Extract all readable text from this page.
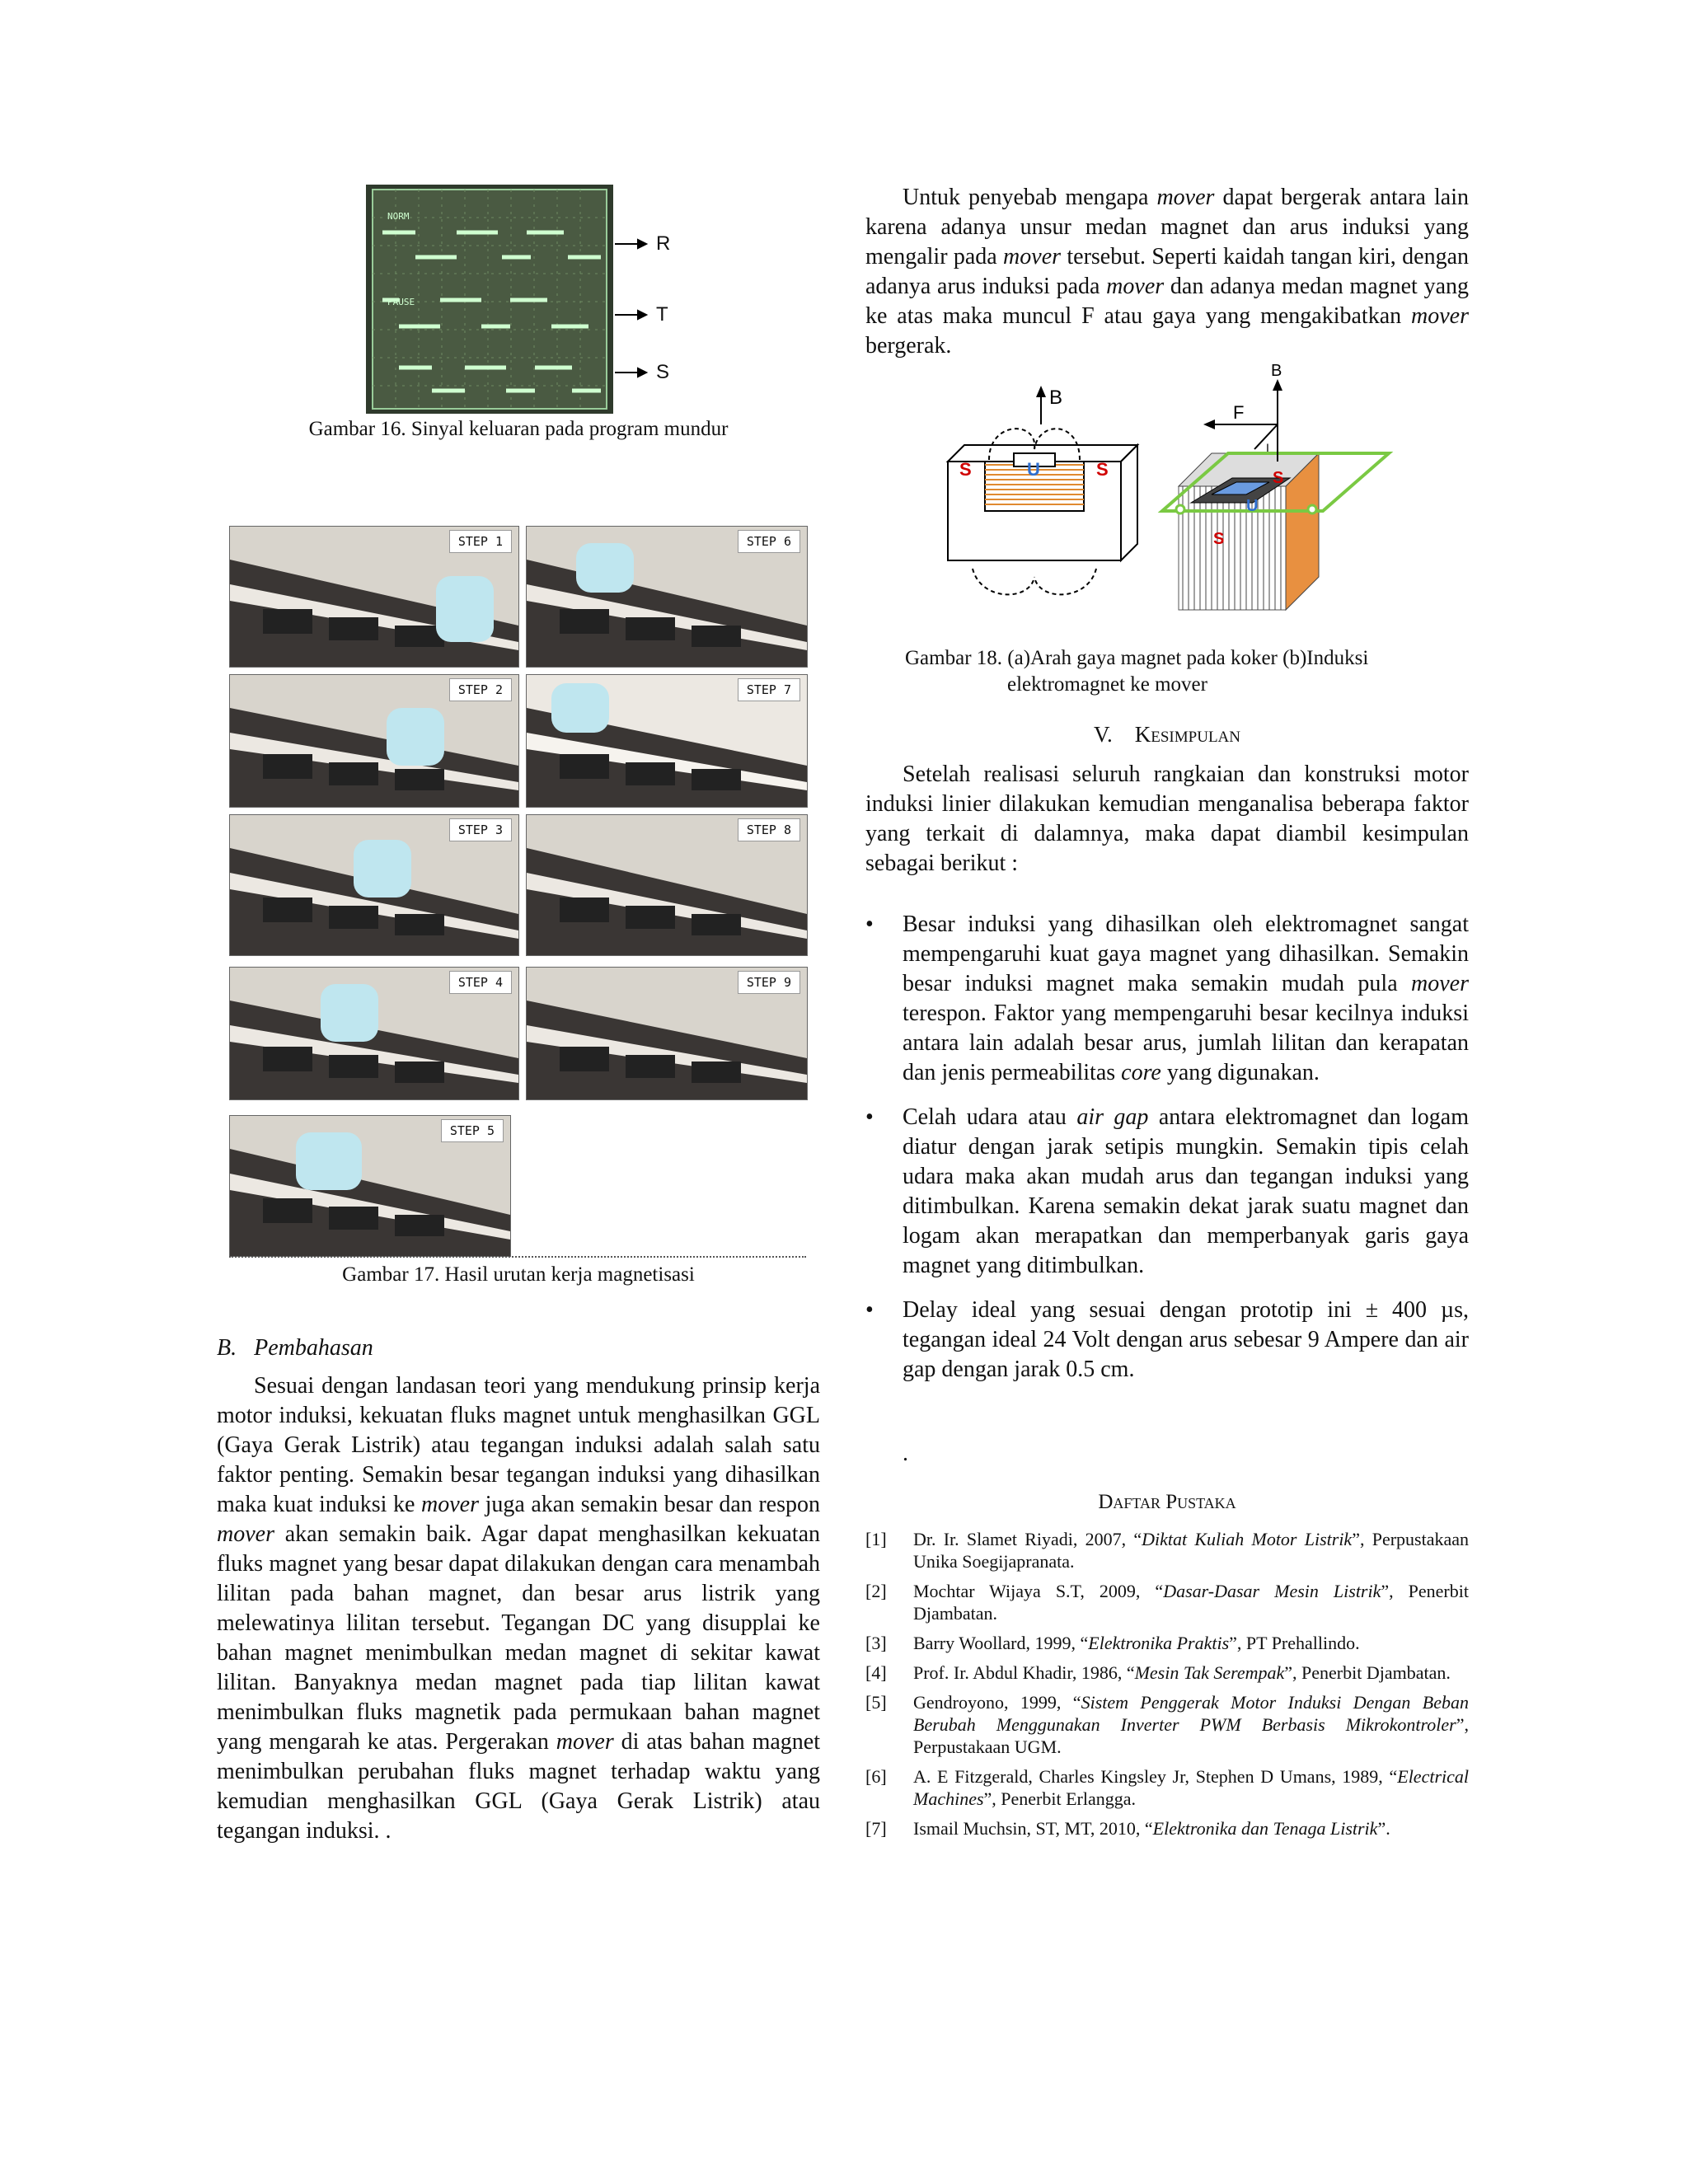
NORM
PAUSE
R
T
S
Gambar 16. Sinyal keluaran pada program mundur
STEP 1	STEP 6
STEP 2	STEP 7
STEP 3	STEP 8
STEP 4	STEP 9
STEP 5
Gambar 17. Hasil urutan kerja magnetisasi
B. Pembahasan

Sesuai dengan landasan teori yang mendukung prinsip kerja motor induksi, kekuatan fluks magnet untuk menghasilkan GGL (Gaya Gerak Listrik) atau tegangan induksi adalah salah satu faktor penting. Semakin besar tegangan induksi yang dihasilkan maka kuat induksi ke mover juga akan semakin besar dan respon mover akan semakin baik. Agar dapat menghasilkan kekuatan fluks magnet yang besar dapat dilakukan dengan cara menambah lilitan pada bahan magnet, dan besar arus listrik yang melewatinya lilitan tersebut. Tegangan DC yang disupplai ke bahan magnet menimbulkan medan magnet di sekitar kawat lilitan. Banyaknya medan magnet pada tiap lilitan kawat menimbulkan fluks magnetik pada permukaan bahan magnet yang mengarah ke atas. Pergerakan mover di atas bahan magnet menimbulkan perubahan fluks magnet terhadap waktu yang kemudian menghasilkan GGL (Gaya Gerak Listrik) atau tegangan induksi. .

Untuk penyebab mengapa mover dapat bergerak antara lain karena adanya unsur medan magnet dan arus induksi yang mengalir pada mover tersebut. Seperti kaidah tangan kiri, dengan adanya arus induksi pada mover dan adanya medan magnet yang ke atas maka muncul F atau gaya yang mengakibatkan mover bergerak.

B
S	U	S
B
F
I
S
U
S
Gambar 18. (a)Arah gaya magnet pada koker (b)Induksi
elektromagnet ke mover
V. Kesimpulan

Setelah realisasi seluruh rangkaian dan konstruksi motor induksi linier dilakukan kemudian menganalisa beberapa faktor yang terkait di dalamnya, maka dapat diambil kesimpulan sebagai berikut :

• Besar induksi yang dihasilkan oleh elektromagnet sangat mempengaruhi kuat gaya magnet yang dihasilkan. Semakin besar induksi magnet maka semakin mudah pula mover terespon. Faktor yang mempengaruhi besar kecilnya induksi antara lain adalah besar arus, jumlah lilitan dan kerapatan dan jenis permeabilitas core yang digunakan.
• Celah udara atau air gap antara elektromagnet dan logam diatur dengan jarak setipis mungkin. Semakin tipis celah udara maka akan mudah arus dan tegangan induksi yang ditimbulkan. Karena semakin dekat jarak suatu magnet dan logam akan merapatkan dan memperbanyak garis gaya magnet yang ditimbulkan.
• Delay ideal yang sesuai dengan prototip ini ± 400 µs, tegangan ideal 24 Volt dengan arus sebesar 9 Ampere dan air gap dengan jarak 0.5 cm.
.
Daftar Pustaka
[1] Dr. Ir. Slamet Riyadi, 2007, “Diktat Kuliah Motor Listrik”, Perpustakaan Unika Soegijapranata.
[2] Mochtar Wijaya S.T, 2009, “Dasar-Dasar Mesin Listrik”, Penerbit Djambatan.
[3] Barry Woollard, 1999, “Elektronika Praktis”, PT Prehallindo.
[4] Prof. Ir. Abdul Khadir, 1986, “Mesin Tak Serempak”, Penerbit Djambatan.
[5] Gendroyono, 1999, “Sistem Penggerak Motor Induksi Dengan Beban Berubah Menggunakan Inverter PWM Berbasis Mikrokontroler”, Perpustakaan UGM.
[6] A. E Fitzgerald, Charles Kingsley Jr, Stephen D Umans, 1989, “Electrical Machines”, Penerbit Erlangga.
[7] Ismail Muchsin, ST, MT, 2010, “Elektronika dan Tenaga Listrik”.
